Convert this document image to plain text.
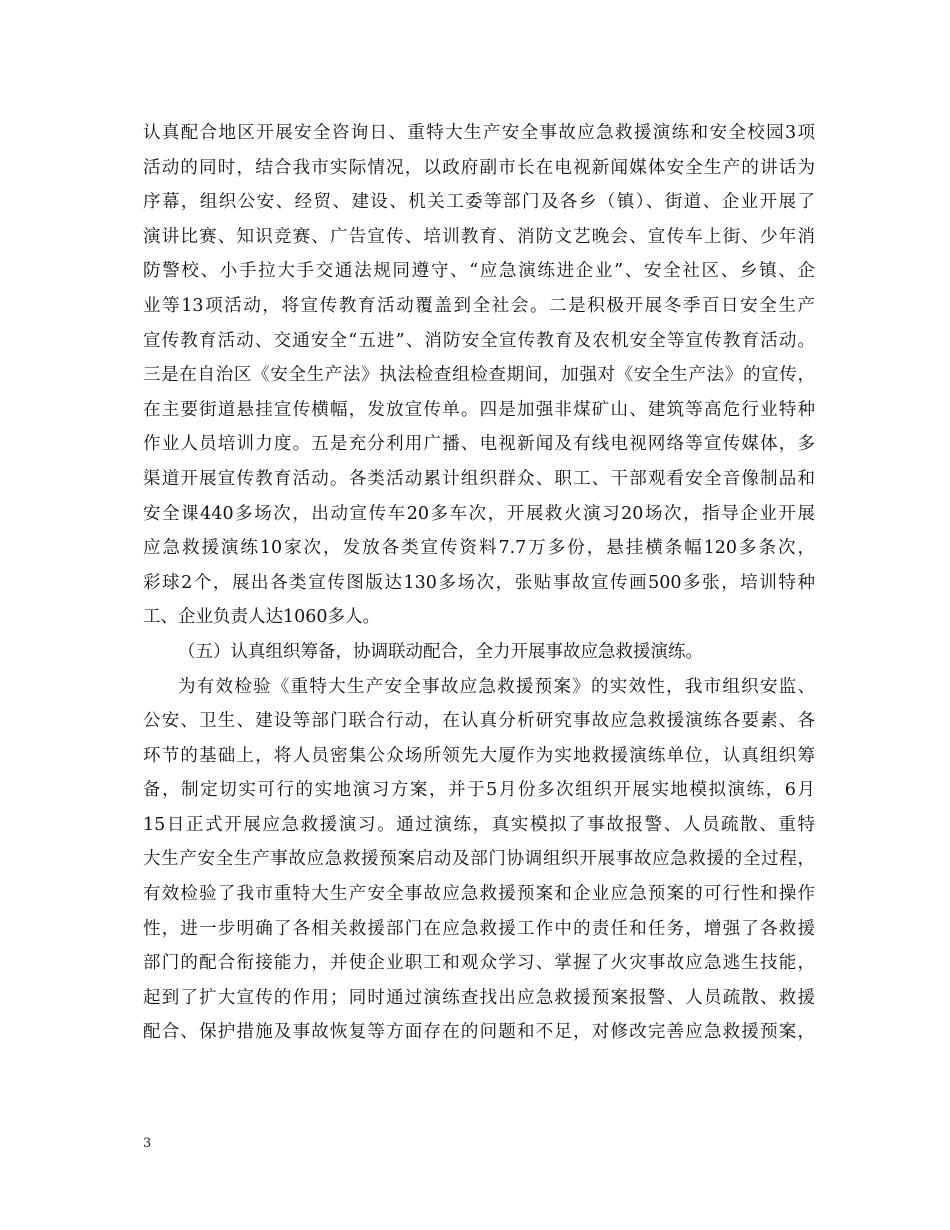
认真配合地区开展安全咨询日、重特大生产安全事故应急救援演练和安全校园3项
活动的同时，结合我市实际情况，以政府副市长在电视新闻媒体安全生产的讲话为
序幕，组织公安、经贸、建设、机关工委等部门及各乡（镇）、街道、企业开展了
演讲比赛、知识竞赛、广告宣传、培训教育、消防文艺晚会、宣传车上街、少年消
防警校、小手拉大手交通法规同遵守、“应急演练进企业”、安全社区、乡镇、企
业等13项活动，将宣传教育活动覆盖到全社会。二是积极开展冬季百日安全生产
宣传教育活动、交通安全“五进”、消防安全宣传教育及农机安全等宣传教育活动。
三是在自治区《安全生产法》执法检查组检查期间，加强对《安全生产法》的宣传，
在主要街道悬挂宣传横幅，发放宣传单。四是加强非煤矿山、建筑等高危行业特种
作业人员培训力度。五是充分利用广播、电视新闻及有线电视网络等宣传媒体，多
渠道开展宣传教育活动。各类活动累计组织群众、职工、干部观看安全音像制品和
安全课440多场次，出动宣传车20多车次，开展救火演习20场次，指导企业开展
应急救援演练10家次，发放各类宣传资料7.7万多份，悬挂横条幅120多条次，
彩球2个，展出各类宣传图版达130多场次，张贴事故宣传画500多张，培训特种
工、企业负责人达1060多人。
（五）认真组织筹备，协调联动配合，全力开展事故应急救援演练。
为有效检验《重特大生产安全事故应急救援预案》的实效性，我市组织安监、
公安、卫生、建设等部门联合行动，在认真分析研究事故应急救援演练各要素、各
环节的基础上，将人员密集公众场所领先大厦作为实地救援演练单位，认真组织筹
备，制定切实可行的实地演习方案，并于5月份多次组织开展实地模拟演练，6月
15日正式开展应急救援演习。通过演练，真实模拟了事故报警、人员疏散、重特
大生产安全生产事故应急救援预案启动及部门协调组织开展事故应急救援的全过程，
有效检验了我市重特大生产安全事故应急救援预案和企业应急预案的可行性和操作
性，进一步明确了各相关救援部门在应急救援工作中的责任和任务，增强了各救援
部门的配合衔接能力，并使企业职工和观众学习、掌握了火灾事故应急逃生技能，
起到了扩大宣传的作用；同时通过演练查找出应急救援预案报警、人员疏散、救援
配合、保护措施及事故恢复等方面存在的问题和不足，对修改完善应急救援预案，
3
